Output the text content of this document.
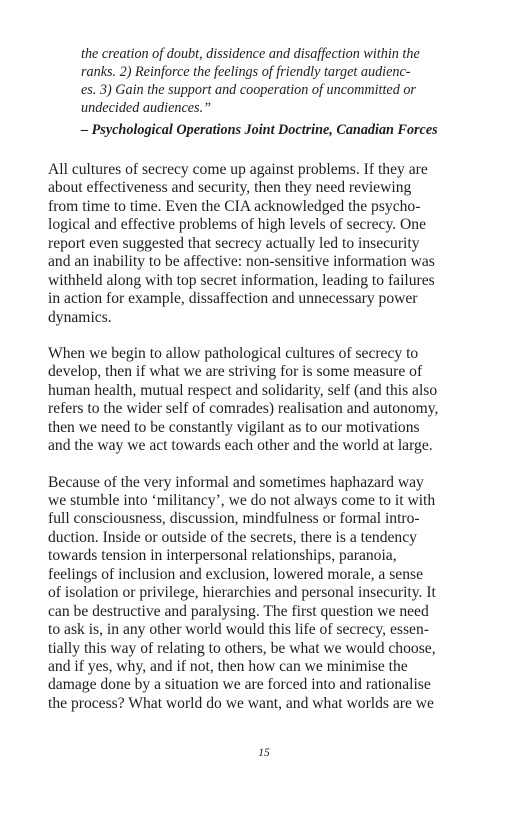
the creation of doubt, dissidence and disaffection within the
ranks. 2) Reinforce the feelings of friendly target audienc-
es. 3) Gain the support and cooperation of uncommitted or
undecided audiences.”
– Psychological Operations Joint Doctrine, Canadian Forces
All cultures of secrecy come up against problems. If they are
about effectiveness and security, then they need reviewing
from time to time. Even the CIA acknowledged the psycho-
logical and effective problems of high levels of secrecy. One
report even suggested that secrecy actually led to insecurity
and an inability to be affective: non-sensitive information was
withheld along with top secret information, leading to failures
in action for example, dissaffection and unnecessary power
dynamics.
When we begin to allow pathological cultures of secrecy to
develop, then if what we are striving for is some measure of
human health, mutual respect and solidarity, self (and this also
refers to the wider self of comrades) realisation and autonomy,
then we need to be constantly vigilant as to our motivations
and the way we act towards each other and the world at large.
Because of the very informal and sometimes haphazard way
we stumble into ‘militancy’, we do not always come to it with
full consciousness, discussion, mindfulness or formal intro-
duction. Inside or outside of the secrets, there is a tendency
towards tension in interpersonal relationships, paranoia,
feelings of inclusion and exclusion, lowered morale, a sense
of isolation or privilege, hierarchies and personal insecurity. It
can be destructive and paralysing. The first question we need
to ask is, in any other world would this life of secrecy, essen-
tially this way of relating to others, be what we would choose,
and if yes, why, and if not, then how can we minimise the
damage done by a situation we are forced into and rationalise
the process? What world do we want, and what worlds are we
15
